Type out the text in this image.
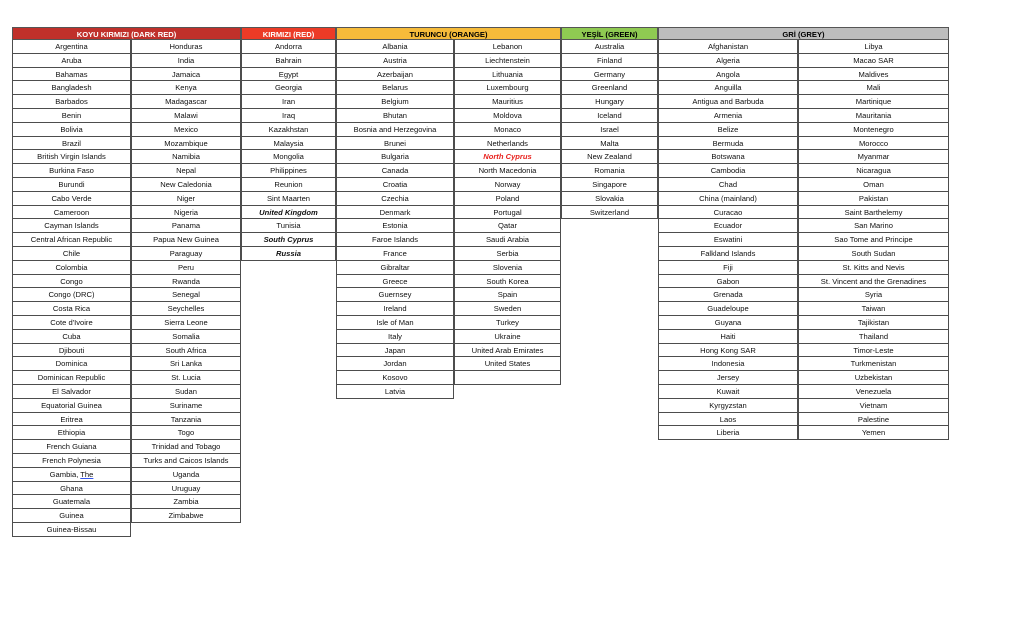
KOYU KIRMIZI (DARK RED)
Argentina
Aruba
Bahamas
Bangladesh
Barbados
Benin
Bolivia
Brazil
British Virgin Islands
Burkina Faso
Burundi
Cabo Verde
Cameroon
Cayman Islands
Central African Republic
Chile
Colombia
Congo
Congo (DRC)
Costa Rica
Cote d'Ivoire
Cuba
Djibouti
Dominica
Dominican Republic
El Salvador
Equatorial Guinea
Eritrea
Ethiopia
French Guiana
French Polynesia
Gambia, The
Ghana
Guatemala
Guinea
Guinea-Bissau
Honduras
India
Jamaica
Kenya
Madagascar
Malawi
Mexico
Mozambique
Namibia
Nepal
New Caledonia
Niger
Nigeria
Panama
Papua New Guinea
Paraguay
Peru
Rwanda
Senegal
Seychelles
Sierra Leone
Somalia
South Africa
Sri Lanka
St. Lucia
Sudan
Suriname
Tanzania
Togo
Trinidad and Tobago
Turks and Caicos Islands
Uganda
Uruguay
Zambia
Zimbabwe
KIRMIZI (RED)
Andorra
Bahrain
Egypt
Georgia
Iran
Iraq
Kazakhstan
Malaysia
Mongolia
Philippines
Reunion
Sint Maarten
United Kingdom
Tunisia
South Cyprus
Russia
TURUNCU (ORANGE)
Albania
Austria
Azerbaijan
Belarus
Belgium
Bhutan
Bosnia and Herzegovina
Brunei
Bulgaria
Canada
Croatia
Czechia
Denmark
Estonia
Faroe Islands
France
Gibraltar
Greece
Guernsey
Ireland
Isle of Man
Italy
Japan
Jordan
Kosovo
Latvia
Lebanon
Liechtenstein
Lithuania
Luxembourg
Mauritius
Moldova
Monaco
Netherlands
North Cyprus
North Macedonia
Norway
Poland
Portugal
Qatar
Saudi Arabia
Serbia
Slovenia
South Korea
Spain
Sweden
Turkey
Ukraine
United Arab Emirates
United States
YEŞİL (GREEN)
Australia
Finland
Germany
Greenland
Hungary
Iceland
Israel
Malta
New Zealand
Romania
Singapore
Slovakia
Switzerland
GRİ (GREY)
Afghanistan
Algeria
Angola
Anguilla
Antigua and Barbuda
Armenia
Belize
Bermuda
Botswana
Cambodia
Chad
China (mainland)
Curacao
Ecuador
Eswatini
Falkland Islands
Fiji
Gabon
Grenada
Guadeloupe
Guyana
Haiti
Hong Kong SAR
Indonesia
Jersey
Kuwait
Kyrgyzstan
Laos
Liberia
Libya
Macao SAR
Maldives
Mali
Martinique
Mauritania
Montenegro
Morocco
Myanmar
Nicaragua
Oman
Pakistan
Saint Barthelemy
San Marino
Sao Tome and Principe
South Sudan
St. Kitts and Nevis
St. Vincent and the Grenadines
Syria
Taiwan
Tajikistan
Thailand
Timor-Leste
Turkmenistan
Uzbekistan
Venezuela
Vietnam
Palestine
Yemen
